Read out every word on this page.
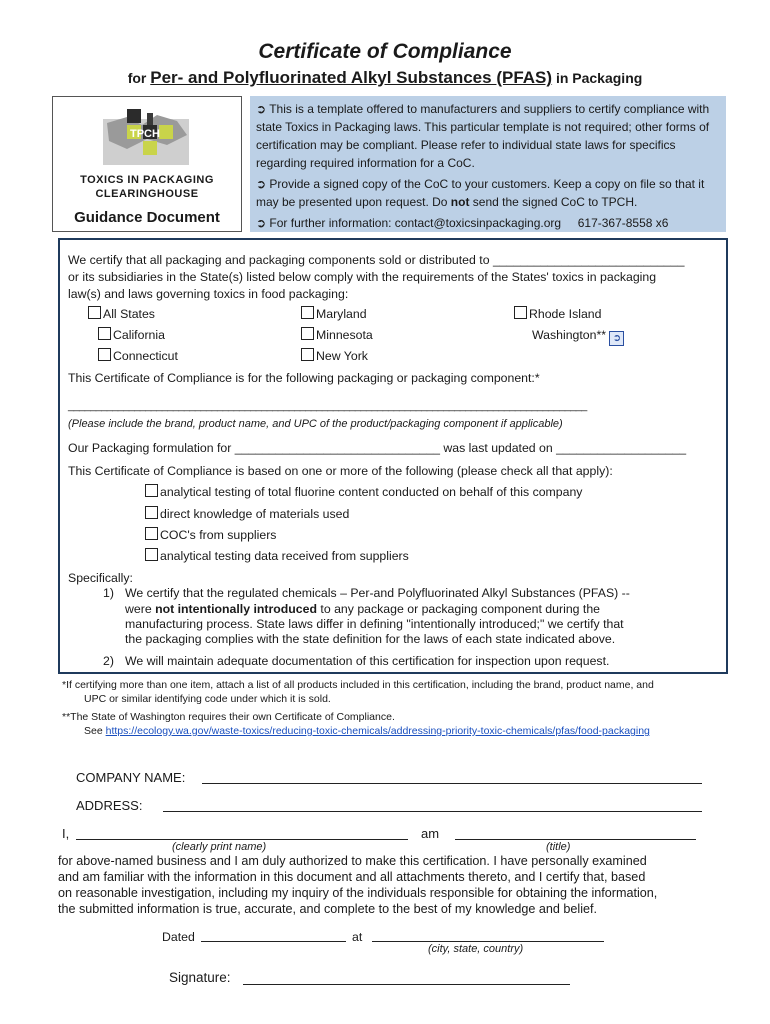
Certificate of Compliance
for Per- and Polyfluorinated Alkyl Substances (PFAS) in Packaging
TPCH
TOXICS IN PACKAGING
CLEARINGHOUSE
Guidance Document

➲ This is a template offered to manufacturers and suppliers to certify compliance with state Toxics in Packaging laws. This particular template is not required; other forms of certification may be compliant. Please refer to individual state laws for specifics regarding required information for a CoC.

➲ Provide a signed copy of the CoC to your customers. Keep a copy on file so that it may be presented upon request. Do not send the signed CoC to TPCH.

➲ For further information: contact@toxicsinpackaging.org     617-367-8558 x6

We certify that all packaging and packaging components sold or distributed to ____________________________
or its subsidiaries in the State(s) listed below comply with the requirements of the States' toxics in packaging
law(s) and laws governing toxics in food packaging:
All States	Maryland	Rhode Island
California	Minnesota	Washington** ➲
Connecticut	New York
This Certificate of Compliance is for the following packaging or packaging component:*
______________________________________________________________________________________________
(Please include the brand, product name, and UPC of the product/packaging component if applicable)
Our Packaging formulation for ______________________________ was last updated on ___________________
This Certificate of Compliance is based on one or more of the following (please check all that apply):
analytical testing of total fluorine content conducted on behalf of this company
direct knowledge of materials used
COC's from suppliers
analytical testing data received from suppliers
Specifically:
1) We certify that the regulated chemicals – Per-and Polyfluorinated Alkyl Substances (PFAS) --
were not intentionally introduced to any package or packaging component during the
manufacturing process. State laws differ in defining "intentionally introduced;" we certify that
the packaging complies with the state definition for the laws of each state indicated above.
2) We will maintain adequate documentation of this certification for inspection upon request.
*If certifying more than one item, attach a list of all products included in this certification, including the brand, product name, and
UPC or similar identifying code under which it is sold.
**The State of Washington requires their own Certificate of Compliance.
See https://ecology.wa.gov/waste-toxics/reducing-toxic-chemicals/addressing-priority-toxic-chemicals/pfas/food-packaging
COMPANY NAME:
ADDRESS:
I,	am
(clearly print name)	(title)
for above-named business and I am duly authorized to make this certification. I have personally examined
and am familiar with the information in this document and all attachments thereto, and I certify that, based
on reasonable investigation, including my inquiry of the individuals responsible for obtaining the information,
the submitted information is true, accurate, and complete to the best of my knowledge and belief.
Dated	at
(city, state, country)
Signature:
